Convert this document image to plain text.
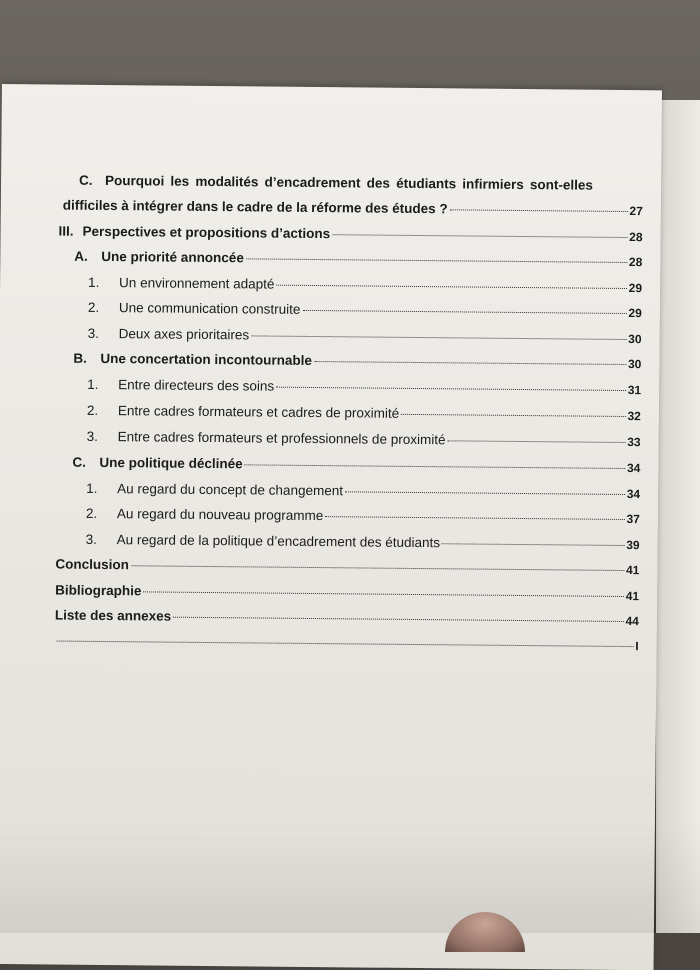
C. Pourquoi les modalités d’encadrement des étudiants infirmiers sont-elles
difficiles à intégrer dans le cadre de la réforme des études ?	27
III. Perspectives et propositions d’actions	28
A. Une priorité annoncée	28
1.	Un environnement adapté	29
2.	Une communication construite	29
3.	Deux axes prioritaires	30
B. Une concertation incontournable	30
1.	Entre directeurs des soins	31
2.	Entre cadres formateurs et cadres de proximité	32
3.	Entre cadres formateurs et professionnels de proximité	33
C. Une politique déclinée	34
1.	Au regard du concept de changement	34
2.	Au regard du nouveau programme	37
3.	Au regard de la politique d’encadrement des étudiants	39
Conclusion	41
Bibliographie	41
Liste des annexes	44
I
